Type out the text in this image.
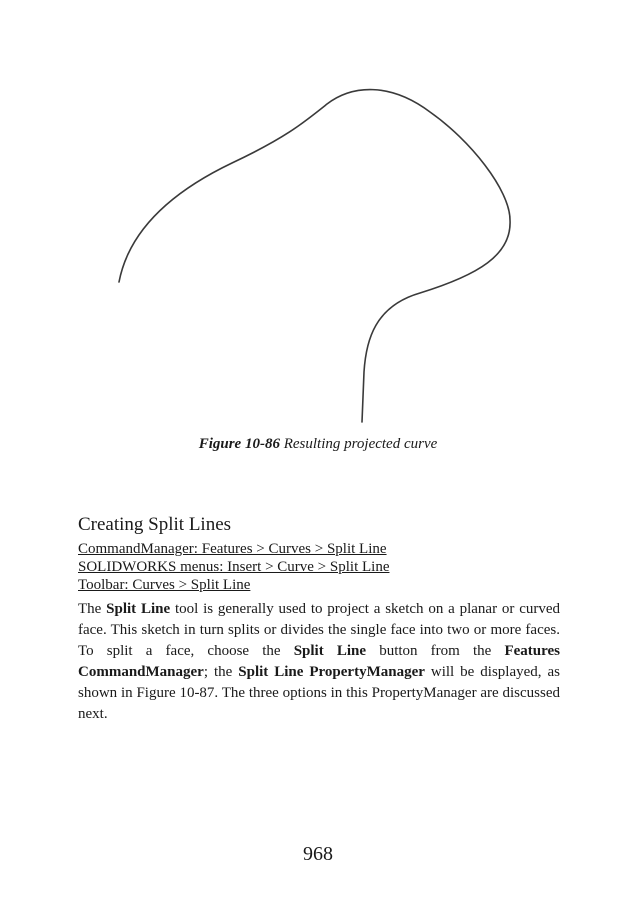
Figure 10-86 Resulting projected curve
Creating Split Lines
CommandManager: Features > Curves > Split Line
SOLIDWORKS menus: Insert > Curve > Split Line
Toolbar: Curves > Split Line

The Split Line tool is generally used to project a sketch on a planar or curved face. This sketch in turn splits or divides the single face into two or more faces. To split a face, choose the Split Line button from the Features CommandManager; the Split Line PropertyManager will be displayed, as shown in Figure 10-87. The three options in this PropertyManager are discussed next.

968
